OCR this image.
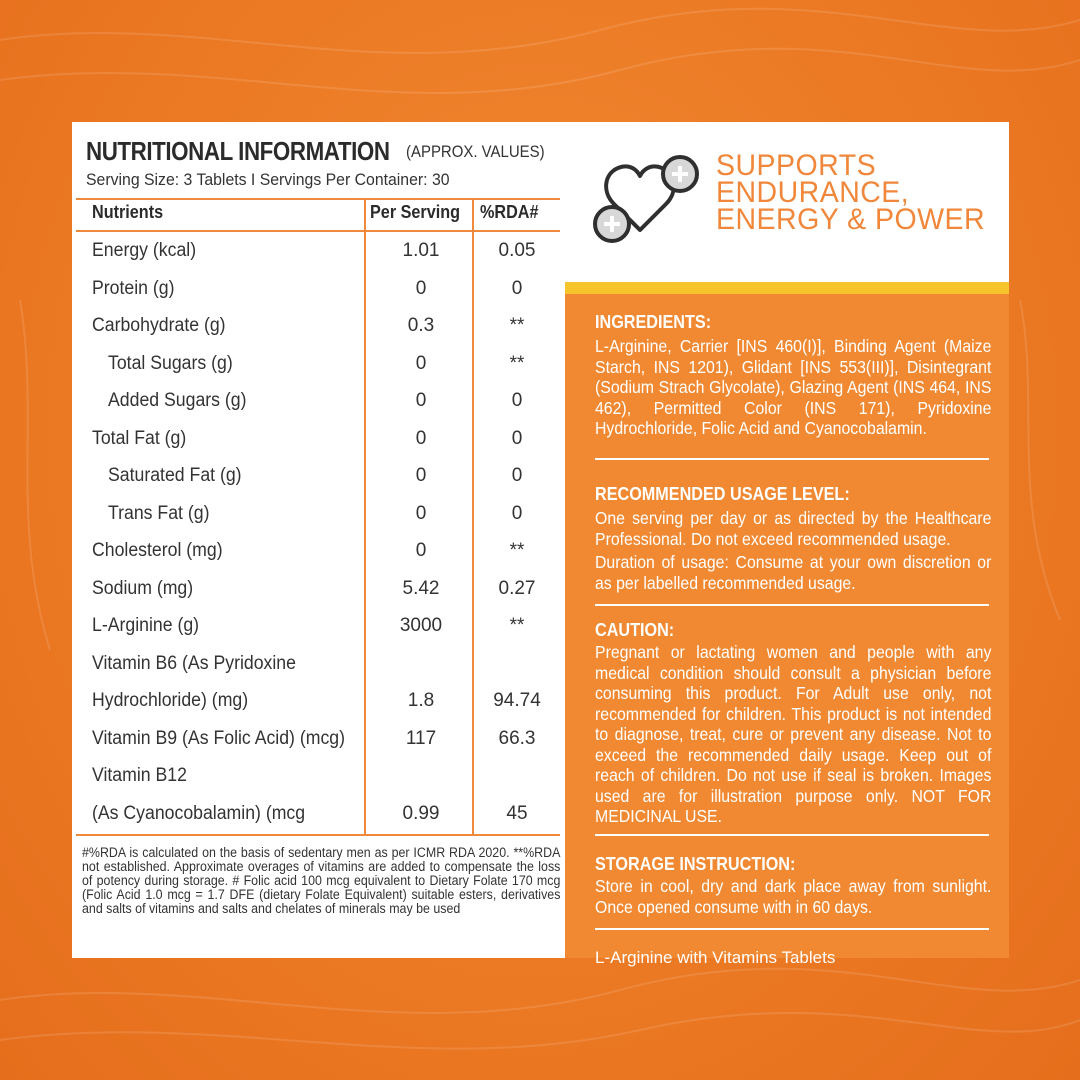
NUTRITIONAL INFORMATION (APPROX. VALUES)
Serving Size: 3 Tablets I Servings Per Container: 30
Nutrients	Per Serving %RDA#
Energy (kcal)	1.01	0.05
Protein (g)	0	0
Carbohydrate (g)	0.3	**
Total Sugars (g)	0	**
Added Sugars (g)	0	0
Total Fat (g)	0	0
Saturated Fat (g)	0	0
Trans Fat (g)	0	0
Cholesterol (mg)	0	**
Sodium (mg)	5.42	0.27
L-Arginine (g)	3000	**
Vitamin B6 (As Pyridoxine
Hydrochloride) (mg)	1.8	94.74
Vitamin B9 (As Folic Acid) (mcg)	117	66.3
Vitamin B12
(As Cyanocobalamin) (mcg	0.99	45
#%RDA is calculated on the basis of sedentary men as per ICMR RDA 2020. **%RDA not established. Approximate overages of vitamins are added to compensate the loss of potency during storage. # Folic acid 100 mcg equivalent to Dietary Folate 170 mcg (Folic Acid 1.0 mcg = 1.7 DFE (dietary Folate Equivalent) suitable esters, derivatives and salts of vitamins and salts and chelates of minerals may be used
SUPPORTS
ENDURANCE,
ENERGY & POWER
INGREDIENTS:
L-Arginine, Carrier [INS 460(I)], Binding Agent (Maize Starch, INS 1201), Glidant [INS 553(III)], Disintegrant (Sodium Strach Glycolate), Glazing Agent (INS 464, INS 462), Permitted Color (INS 171), Pyridoxine Hydrochloride, Folic Acid and Cyanocobalamin.
RECOMMENDED USAGE LEVEL:
One serving per day or as directed by the Healthcare Professional. Do not exceed recommended usage.
Duration of usage: Consume at your own discretion or as per labelled recommended usage.
CAUTION:
Pregnant or lactating women and people with any medical condition should consult a physician before consuming this product. For Adult use only, not recommended for children. This product is not intended to diagnose, treat, cure or prevent any disease. Not to exceed the recommended daily usage. Keep out of reach of children. Do not use if seal is broken. Images used are for illustration purpose only. NOT FOR MEDICINAL USE.
STORAGE INSTRUCTION:
Store in cool, dry and dark place away from sunlight. Once opened consume with in 60 days.
L-Arginine with Vitamins Tablets
